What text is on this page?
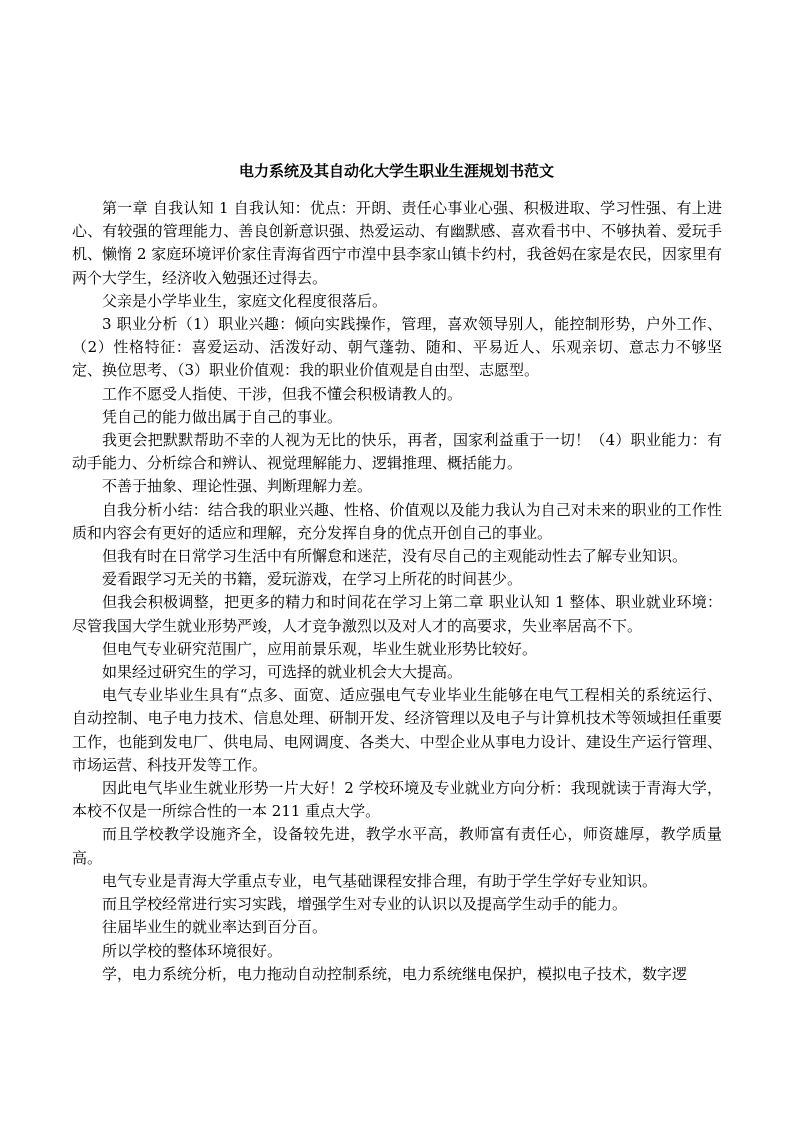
电力系统及其自动化大学生职业生涯规划书范文

第一章 自我认知 1 自我认知：优点：开朗、责任心事业心强、积极进取、学习性强、有上进心、有较强的管理能力、善良创新意识强、热爱运动、有幽默感、喜欢看书中、不够执着、爱玩手机、懒惰 2 家庭环境评价家住青海省西宁市湟中县李家山镇卡约村，我爸妈在家是农民，因家里有两个大学生，经济收入勉强还过得去。

父亲是小学毕业生，家庭文化程度很落后。

3 职业分析（1）职业兴趣：倾向实践操作，管理，喜欢领导别人，能控制形势，户外工作、（2）性格特征：喜爱运动、活泼好动、朝气蓬勃、随和、平易近人、乐观亲切、意志力不够坚定、换位思考、（3）职业价值观：我的职业价值观是自由型、志愿型。

工作不愿受人指使、干涉，但我不懂会积极请教人的。

凭自己的能力做出属于自己的事业。

我更会把默默帮助不幸的人视为无比的快乐，再者，国家利益重于一切！（4）职业能力：有动手能力、分析综合和辨认、视觉理解能力、逻辑推理、概括能力。

不善于抽象、理论性强、判断理解力差。

自我分析小结：结合我的职业兴趣、性格、价值观以及能力我认为自己对未来的职业的工作性质和内容会有更好的适应和理解，充分发挥自身的优点开创自己的事业。

但我有时在日常学习生活中有所懈怠和迷茫，没有尽自己的主观能动性去了解专业知识。

爱看跟学习无关的书籍，爱玩游戏，在学习上所花的时间甚少。

但我会积极调整，把更多的精力和时间花在学习上第二章 职业认知 1 整体、职业就业环境：尽管我国大学生就业形势严竣，人才竞争激烈以及对人才的高要求，失业率居高不下。

但电气专业研究范围广，应用前景乐观，毕业生就业形势比较好。

如果经过研究生的学习，可选择的就业机会大大提高。

电气专业毕业生具有“点多、面宽、适应强电气专业毕业生能够在电气工程相关的系统运行、自动控制、电子电力技术、信息处理、研制开发、经济管理以及电子与计算机技术等领域担任重要工作，也能到发电厂、供电局、电网调度、各类大、中型企业从事电力设计、建设生产运行管理、市场运营、科技开发等工作。

因此电气毕业生就业形势一片大好！2 学校环境及专业就业方向分析：我现就读于青海大学，本校不仅是一所综合性的一本 211 重点大学。

而且学校教学设施齐全，设备较先进，教学水平高，教师富有责任心，师资雄厚，教学质量高。

电气专业是青海大学重点专业，电气基础课程安排合理，有助于学生学好专业知识。

而且学校经常进行实习实践，增强学生对专业的认识以及提高学生动手的能力。

往届毕业生的就业率达到百分百。

所以学校的整体环境很好。

学，电力系统分析，电力拖动自动控制系统，电力系统继电保护，模拟电子技术，数字逻
